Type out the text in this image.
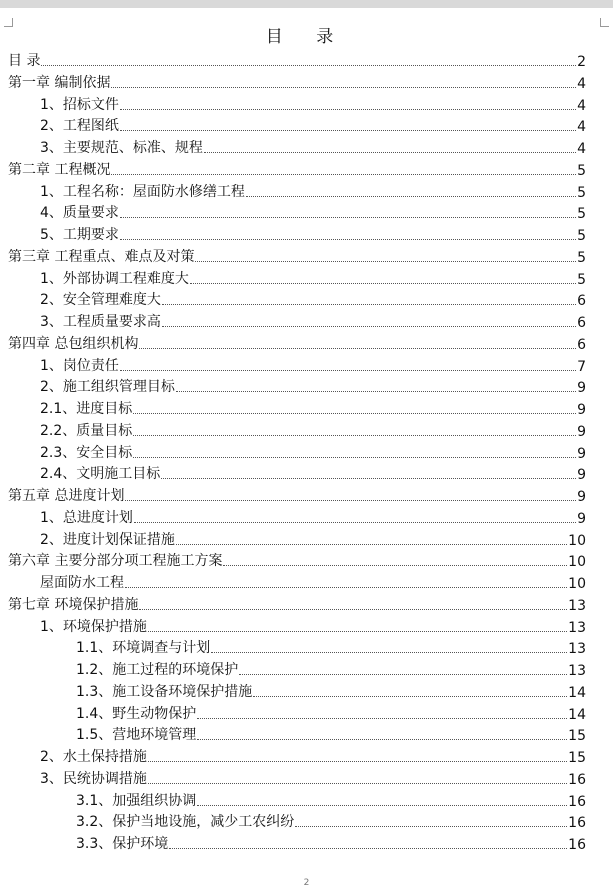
目 录
目 录	2
第一章 编制依据	4
1、招标文件	4
2、工程图纸	4
3、主要规范、标准、规程	4
第二章 工程概况	5
1、工程名称：屋面防水修缮工程	5
4、质量要求	5
5、工期要求	5
第三章 工程重点、难点及对策	5
1、外部协调工程难度大	5
2、安全管理难度大	6
3、工程质量要求高	6
第四章 总包组织机构	6
1、岗位责任	7
2、施工组织管理目标	9
2.1、进度目标	9
2.2、质量目标	9
2.3、安全目标	9
2.4、文明施工目标	9
第五章 总进度计划	9
1、总进度计划	9
2、进度计划保证措施	10
第六章 主要分部分项工程施工方案	10
屋面防水工程	10
第七章 环境保护措施	13
1、环境保护措施	13
1.1、环境调查与计划	13
1.2、施工过程的环境保护	13
1.3、施工设备环境保护措施	14
1.4、野生动物保护	14
1.5、营地环境管理	15
2、水土保持措施	15
3、民统协调措施	16
3.1、加强组织协调	16
3.2、保护当地设施，减少工农纠纷	16
3.3、保护环境	16
2
